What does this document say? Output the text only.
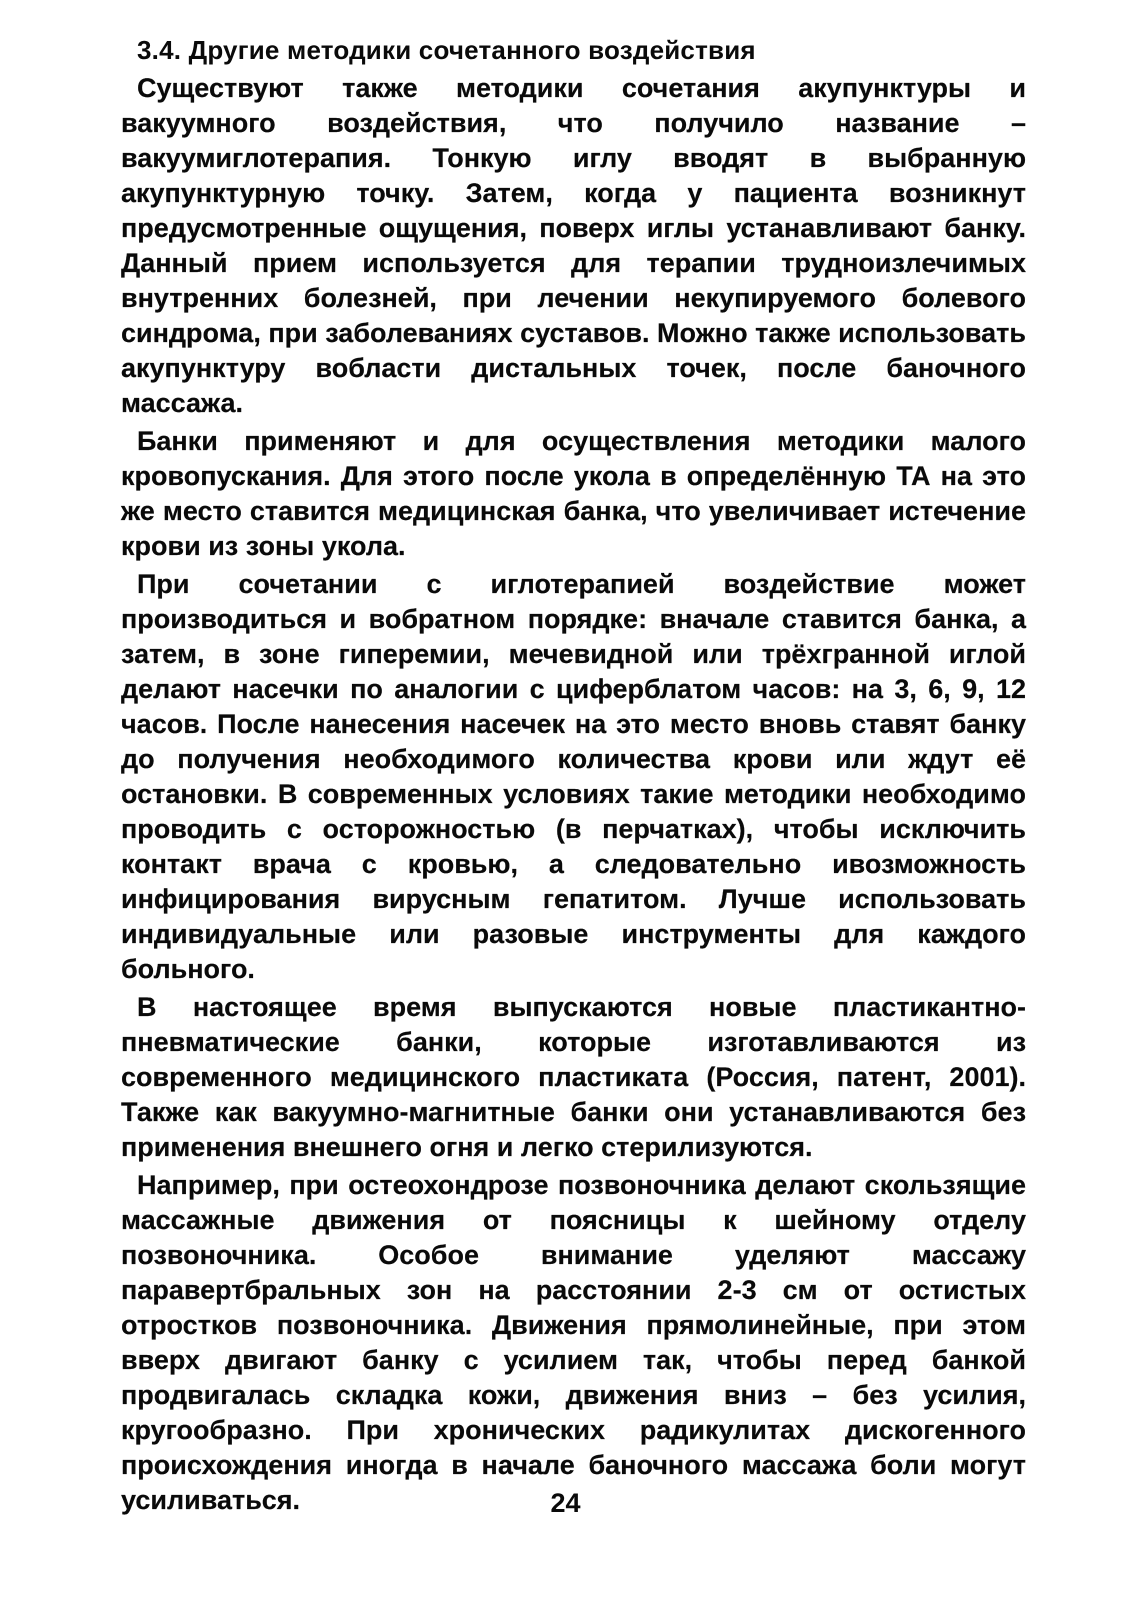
3.4. Другие методики сочетанного воздействия

Существуют также методики сочетания акупунктуры и вакуумного воздействия, что получило название – вакуумиглотерапия. Тонкую иглу вводят в выбранную акупунктурную точку. Затем, когда у пациента возникнут предусмотренные ощущения, поверх иглы устанавливают банку. Данный прием используется для терапии трудноизлечимых внутренних болезней, при лечении некупируемого болевого синдрома, при заболеваниях суставов. Можно также использовать акупунктуру вобласти дистальных точек, после баночного массажа.

Банки применяют и для осуществления методики малого кровопускания. Для этого после укола в определённую ТА на это же место ставится медицинская банка, что увеличивает истечение крови из зоны укола.

При сочетании с иглотерапией воздействие может производиться и вобратном порядке: вначале ставится банка, а затем, в зоне гиперемии, мечевидной или трёхгранной иглой делают насечки по аналогии с циферблатом часов: на 3, 6, 9, 12 часов. После нанесения насечек на это место вновь ставят банку до получения необходимого количества крови или ждут её остановки. В современных условиях такие методики необходимо проводить с осторожностью (в перчатках), чтобы исключить контакт врача с кровью, а следовательно ивозможность инфицирования вирусным гепатитом. Лучше использовать индивидуальные или разовые инструменты для каждого больного.

В настоящее время выпускаются новые пластикантно-пневматические банки, которые изготавливаются из современного медицинского пластиката (Россия, патент, 2001). Также как вакуумно-магнитные банки они устанавливаются без применения внешнего огня и легко стерилизуются.

Например, при остеохондрозе позвоночника делают скользящие массажные движения от поясницы к шейному отделу позвоночника. Особое внимание уделяют массажу паравертбральных зон на расстоянии 2-3 см от остистых отростков позвоночника. Движения прямолинейные, при этом вверх двигают банку с усилием так, чтобы перед банкой продвигалась складка кожи, движения вниз – без усилия, кругообразно. При хронических радикулитах дискогенного происхождения иногда в начале баночного массажа боли могут усиливаться.	24
